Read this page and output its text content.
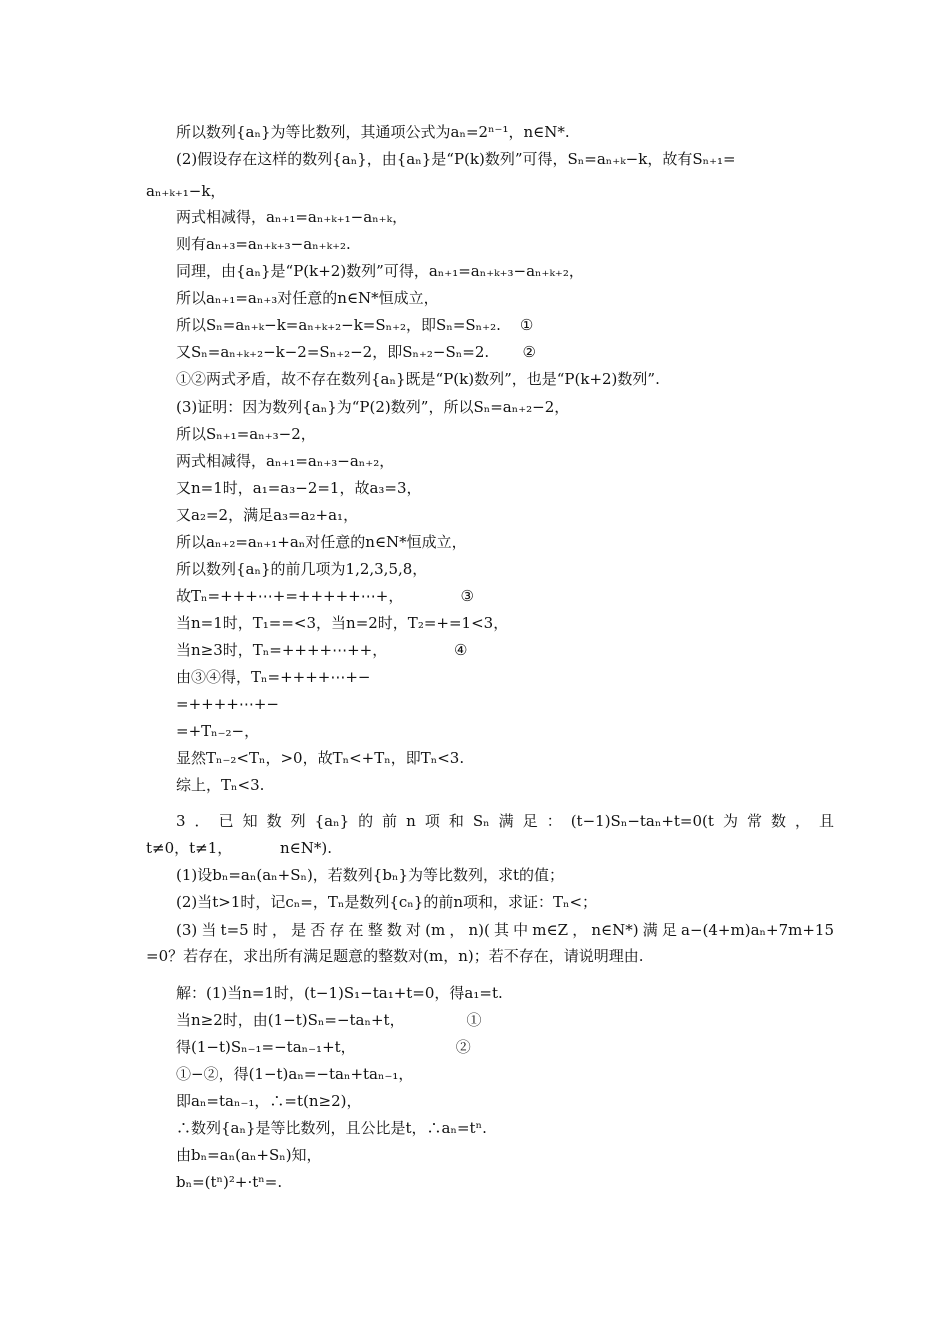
所以数列{aₙ}为等比数列，其通项公式为aₙ=2ⁿ⁻¹，n∈N*.
(2)假设存在这样的数列{aₙ}，由{aₙ}是“P(k)数列”可得，Sₙ=aₙ₊ₖ−k，故有Sₙ₊₁=
aₙ₊ₖ₊₁−k，
两式相减得，aₙ₊₁=aₙ₊ₖ₊₁−aₙ₊ₖ，
则有aₙ₊₃=aₙ₊ₖ₊₃−aₙ₊ₖ₊₂.
同理，由{aₙ}是“P(k+2)数列”可得，aₙ₊₁=aₙ₊ₖ₊₃−aₙ₊ₖ₊₂，
所以aₙ₊₁=aₙ₊₃对任意的n∈N*恒成立，
所以Sₙ=aₙ₊ₖ−k=aₙ₊ₖ₊₂−k=Sₙ₊₂，即Sₙ=Sₙ₊₂.    ①
又Sₙ=aₙ₊ₖ₊₂−k−2=Sₙ₊₂−2，即Sₙ₊₂−Sₙ=2.       ②
①②两式矛盾，故不存在数列{aₙ}既是“P(k)数列”，也是“P(k+2)数列”.
(3)证明：因为数列{aₙ}为“P(2)数列”，所以Sₙ=aₙ₊₂−2，
所以Sₙ₊₁=aₙ₊₃−2，
两式相减得，aₙ₊₁=aₙ₊₃−aₙ₊₂，
又n=1时，a₁=a₃−2=1，故a₃=3，
又a₂=2，满足a₃=a₂+a₁，
所以aₙ₊₂=aₙ₊₁+aₙ对任意的n∈N*恒成立，
所以数列{aₙ}的前几项为1,2,3,5,8，
故Tₙ=+++⋯+=+++++⋯+，            ③
当n=1时，T₁==<3，当n=2时，T₂=+=1<3，
当n≥3时，Tₙ=++++⋯++，              ④
由③④得，Tₙ=++++⋯+−
=++++⋯+−
=+Tₙ₋₂−，
显然Tₙ₋₂<Tₙ，>0，故Tₙ<+Tₙ，即Tₙ<3.
综上，Tₙ<3.
3．已知数列{aₙ}的前n项和Sₙ满足：(t−1)Sₙ−taₙ+t=0(t为常数，且
t≠0，t≠1，          n∈N*).
(1)设bₙ=aₙ(aₙ+Sₙ)，若数列{bₙ}为等比数列，求t的值；
(2)当t>1时，记cₙ=，Tₙ是数列{cₙ}的前n项和，求证：Tₙ<；
(3)当t=5时，是否存在整数对(m，n)(其中m∈Z，n∈N*)满足a−(4+m)aₙ+7m+15
=0？若存在，求出所有满足题意的整数对(m，n)；若不存在，请说明理由.
解：(1)当n=1时，(t−1)S₁−ta₁+t=0，得a₁=t.
当n≥2时，由(1−t)Sₙ=−taₙ+t，             ①
得(1−t)Sₙ₋₁=−taₙ₋₁+t，                     ②
①−②，得(1−t)aₙ=−taₙ+taₙ₋₁，
即aₙ=taₙ₋₁，∴=t(n≥2)，
∴数列{aₙ}是等比数列，且公比是t，∴aₙ=tⁿ.
由bₙ=aₙ(aₙ+Sₙ)知，
bₙ=(tⁿ)²+·tⁿ=.
